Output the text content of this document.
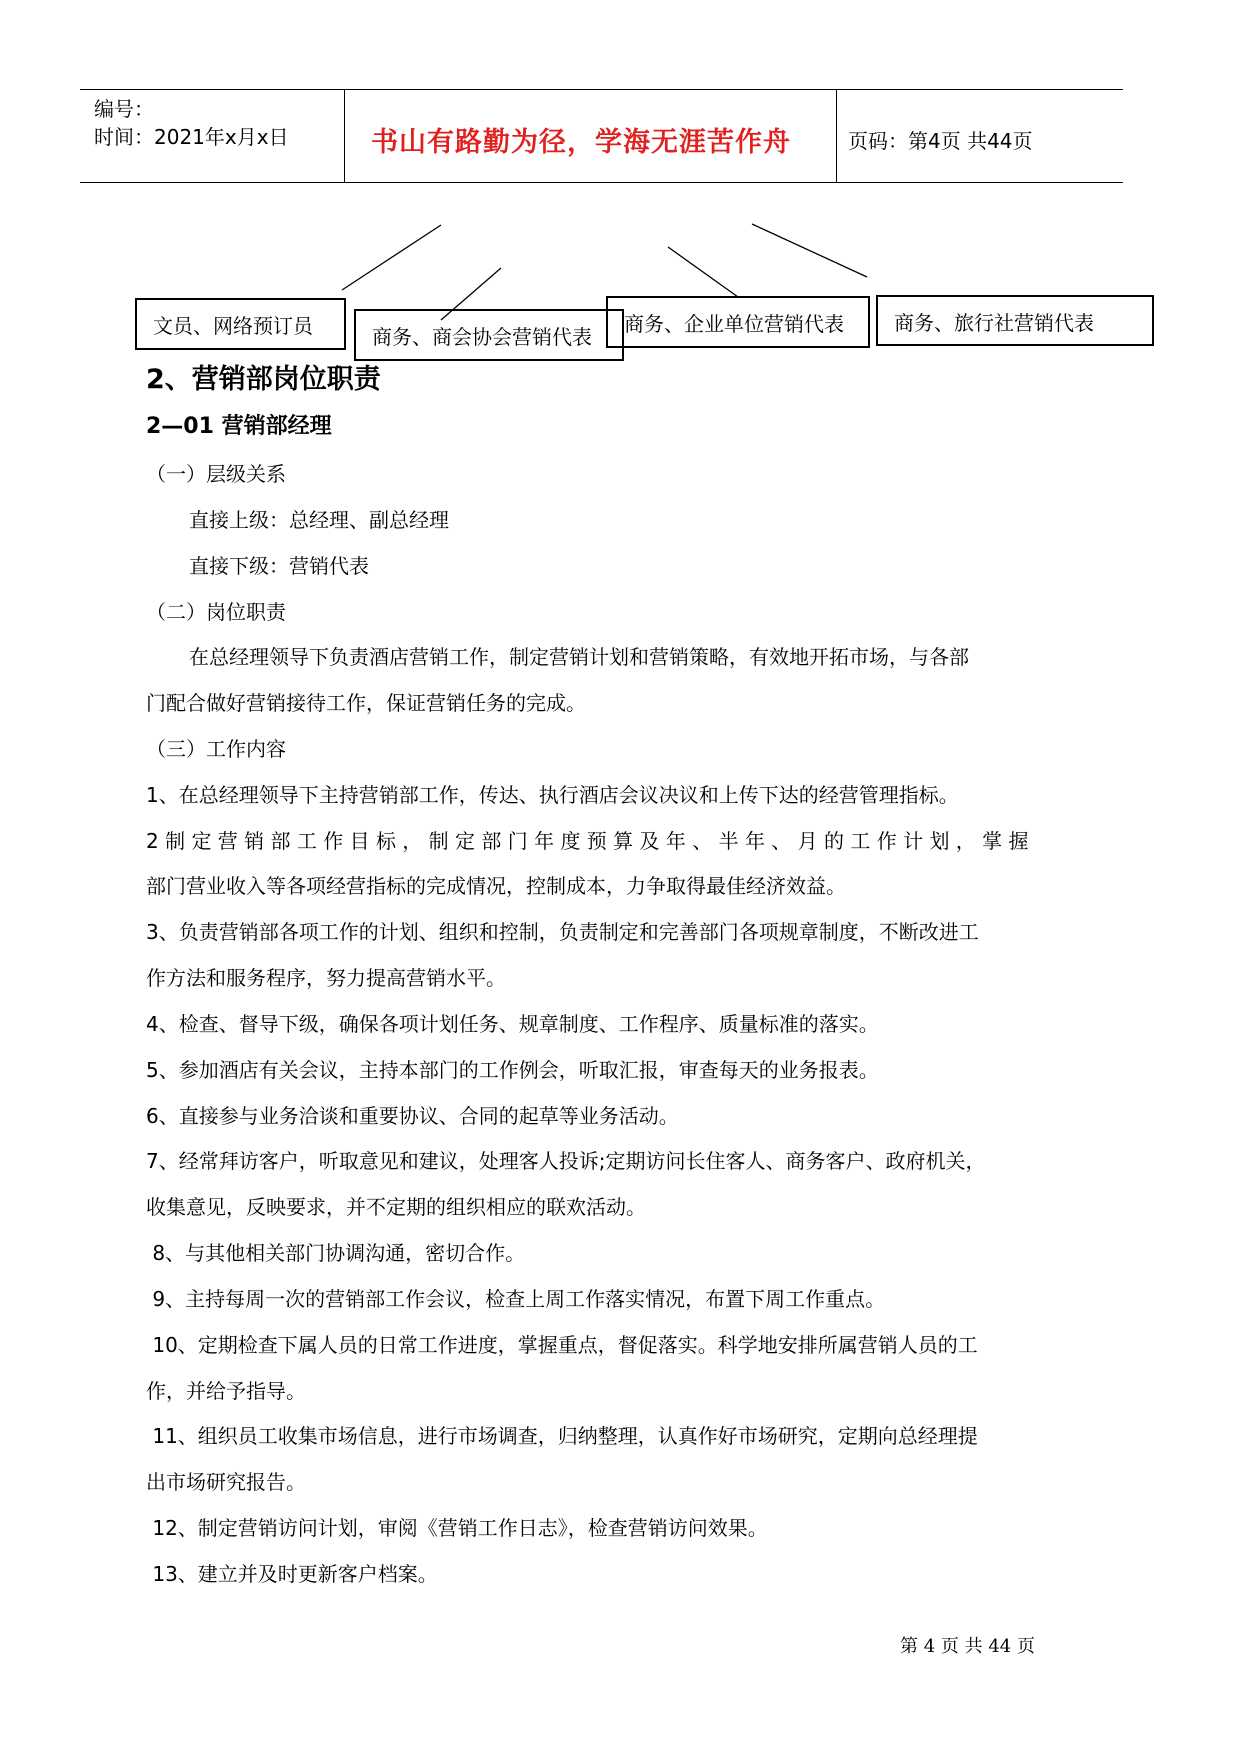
编号：
时间：2021年x月x日	书山有路勤为径，学海无涯苦作舟	页码：第4页 共44页
文员、网络预订员	商务、商会协会营销代表
商务、企业单位营销代表	商务、旅行社营销代表
2、营销部岗位职责
2—01 营销部经理
（一）层级关系
直接上级：总经理、副总经理
直接下级：营销代表
（二）岗位职责
在总经理领导下负责酒店营销工作，制定营销计划和营销策略，有效地开拓市场，与各部
门配合做好营销接待工作，保证营销任务的完成。
（三）工作内容
1、在总经理领导下主持营销部工作，传达、执行酒店会议决议和上传下达的经营管理指标。
2 制 定 营 销 部 工 作 目 标 ， 制 定 部 门 年 度 预 算 及 年 、 半 年 、 月 的 工 作 计 划 ， 掌 握
部门营业收入等各项经营指标的完成情况，控制成本，力争取得最佳经济效益。
3、负责营销部各项工作的计划、组织和控制，负责制定和完善部门各项规章制度，不断改进工
作方法和服务程序，努力提高营销水平。
4、检查、督导下级，确保各项计划任务、规章制度、工作程序、质量标准的落实。
5、参加酒店有关会议，主持本部门的工作例会，听取汇报，审查每天的业务报表。
6、直接参与业务洽谈和重要协议、合同的起草等业务活动。
7、经常拜访客户，听取意见和建议，处理客人投诉;定期访问长住客人、商务客户、政府机关，
收集意见，反映要求，并不定期的组织相应的联欢活动。
8、与其他相关部门协调沟通，密切合作。
9、主持每周一次的营销部工作会议，检查上周工作落实情况，布置下周工作重点。
10、定期检查下属人员的日常工作进度，掌握重点，督促落实。科学地安排所属营销人员的工
作，并给予指导。
11、组织员工收集市场信息，进行市场调查，归纳整理，认真作好市场研究，定期向总经理提
出市场研究报告。
12、制定营销访问计划，审阅《营销工作日志》，检查营销访问效果。
13、建立并及时更新客户档案。
第 4 页 共 44 页
